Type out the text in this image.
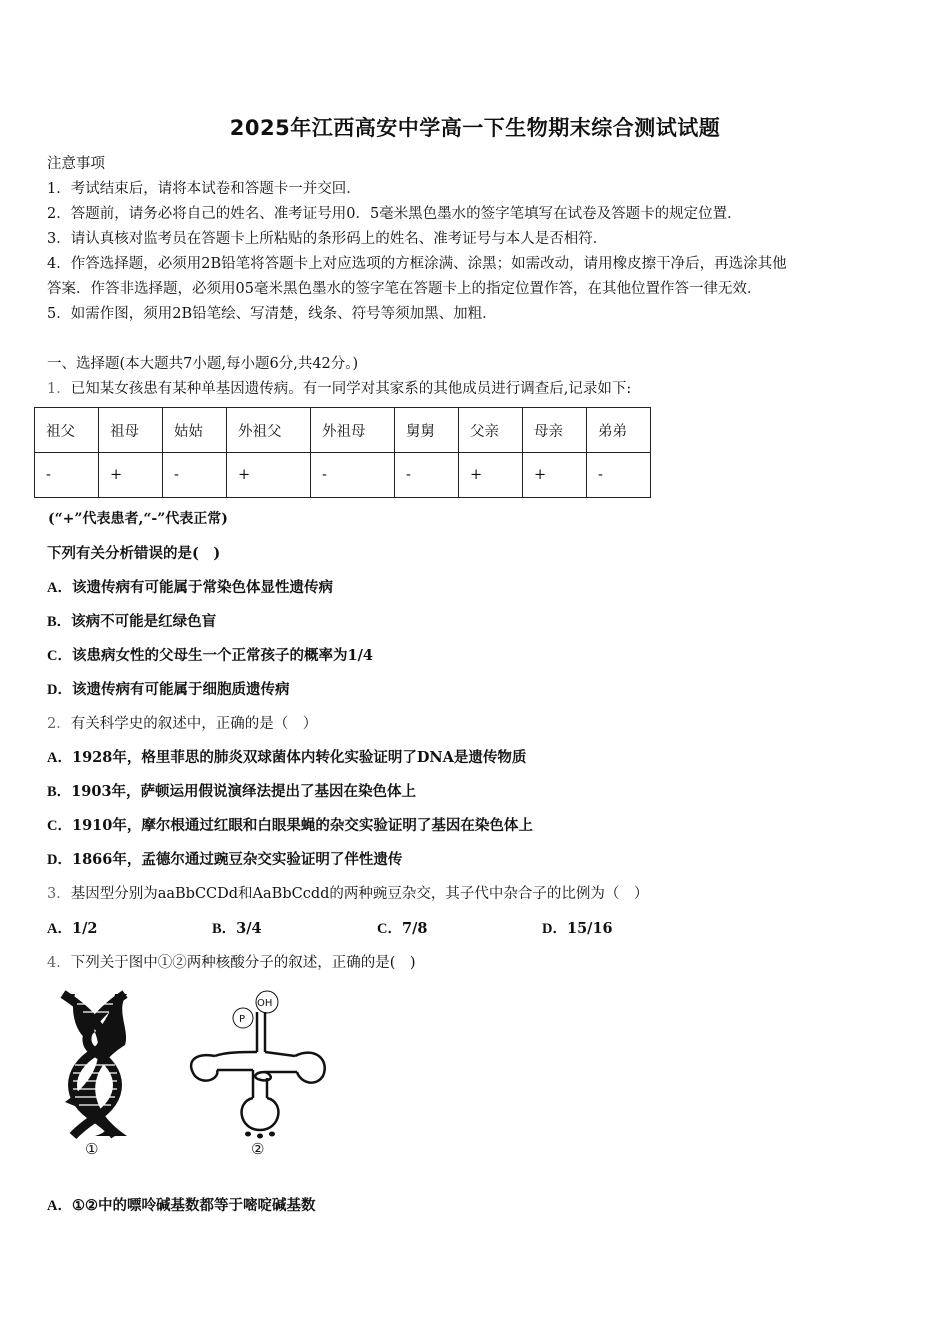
2025年江西高安中学高一下生物期末综合测试试题
注意事项
1．考试结束后，请将本试卷和答题卡一并交回．
2．答题前，请务必将自己的姓名、准考证号用0．5毫米黑色墨水的签字笔填写在试卷及答题卡的规定位置．
3．请认真核对监考员在答题卡上所粘贴的条形码上的姓名、准考证号与本人是否相符．
4．作答选择题，必须用2B铅笔将答题卡上对应选项的方框涂满、涂黑；如需改动，请用橡皮擦干净后，再选涂其他
答案．作答非选择题，必须用05毫米黑色墨水的签字笔在答题卡上的指定位置作答，在其他位置作答一律无效．
5．如需作图，须用2B铅笔绘、写清楚，线条、符号等须加黑、加粗．
一、选择题(本大题共7小题,每小题6分,共42分。)
1．已知某女孩患有某种单基因遗传病。有一同学对其家系的其他成员进行调查后,记录如下:
祖父	祖母	姑姑	外祖父	外祖母	舅舅	父亲	母亲	弟弟
-	+	-	+	-	-	+	+	-
(“+”代表患者,“-”代表正常)
下列有关分析错误的是(　)
A．该遗传病有可能属于常染色体显性遗传病
B．该病不可能是红绿色盲
C．该患病女性的父母生一个正常孩子的概率为1/4
D．该遗传病有可能属于细胞质遗传病
2．有关科学史的叙述中，正确的是（　）
A．1928年，格里菲思的肺炎双球菌体内转化实验证明了DNA是遗传物质
B．1903年，萨顿运用假说演绎法提出了基因在染色体上
C．1910年，摩尔根通过红眼和白眼果蝇的杂交实验证明了基因在染色体上
D．1866年，孟德尔通过豌豆杂交实验证明了伴性遗传
3．基因型分别为aaBbCCDd和AaBbCcdd的两种豌豆杂交，其子代中杂合子的比例为（　）
A．1/2	B．3/4	C．7/8	D．15/16
4．下列关于图中①②两种核酸分子的叙述，正确的是(　)
①
OH
P
②
A．①②中的嘌呤碱基数都等于嘧啶碱基数
